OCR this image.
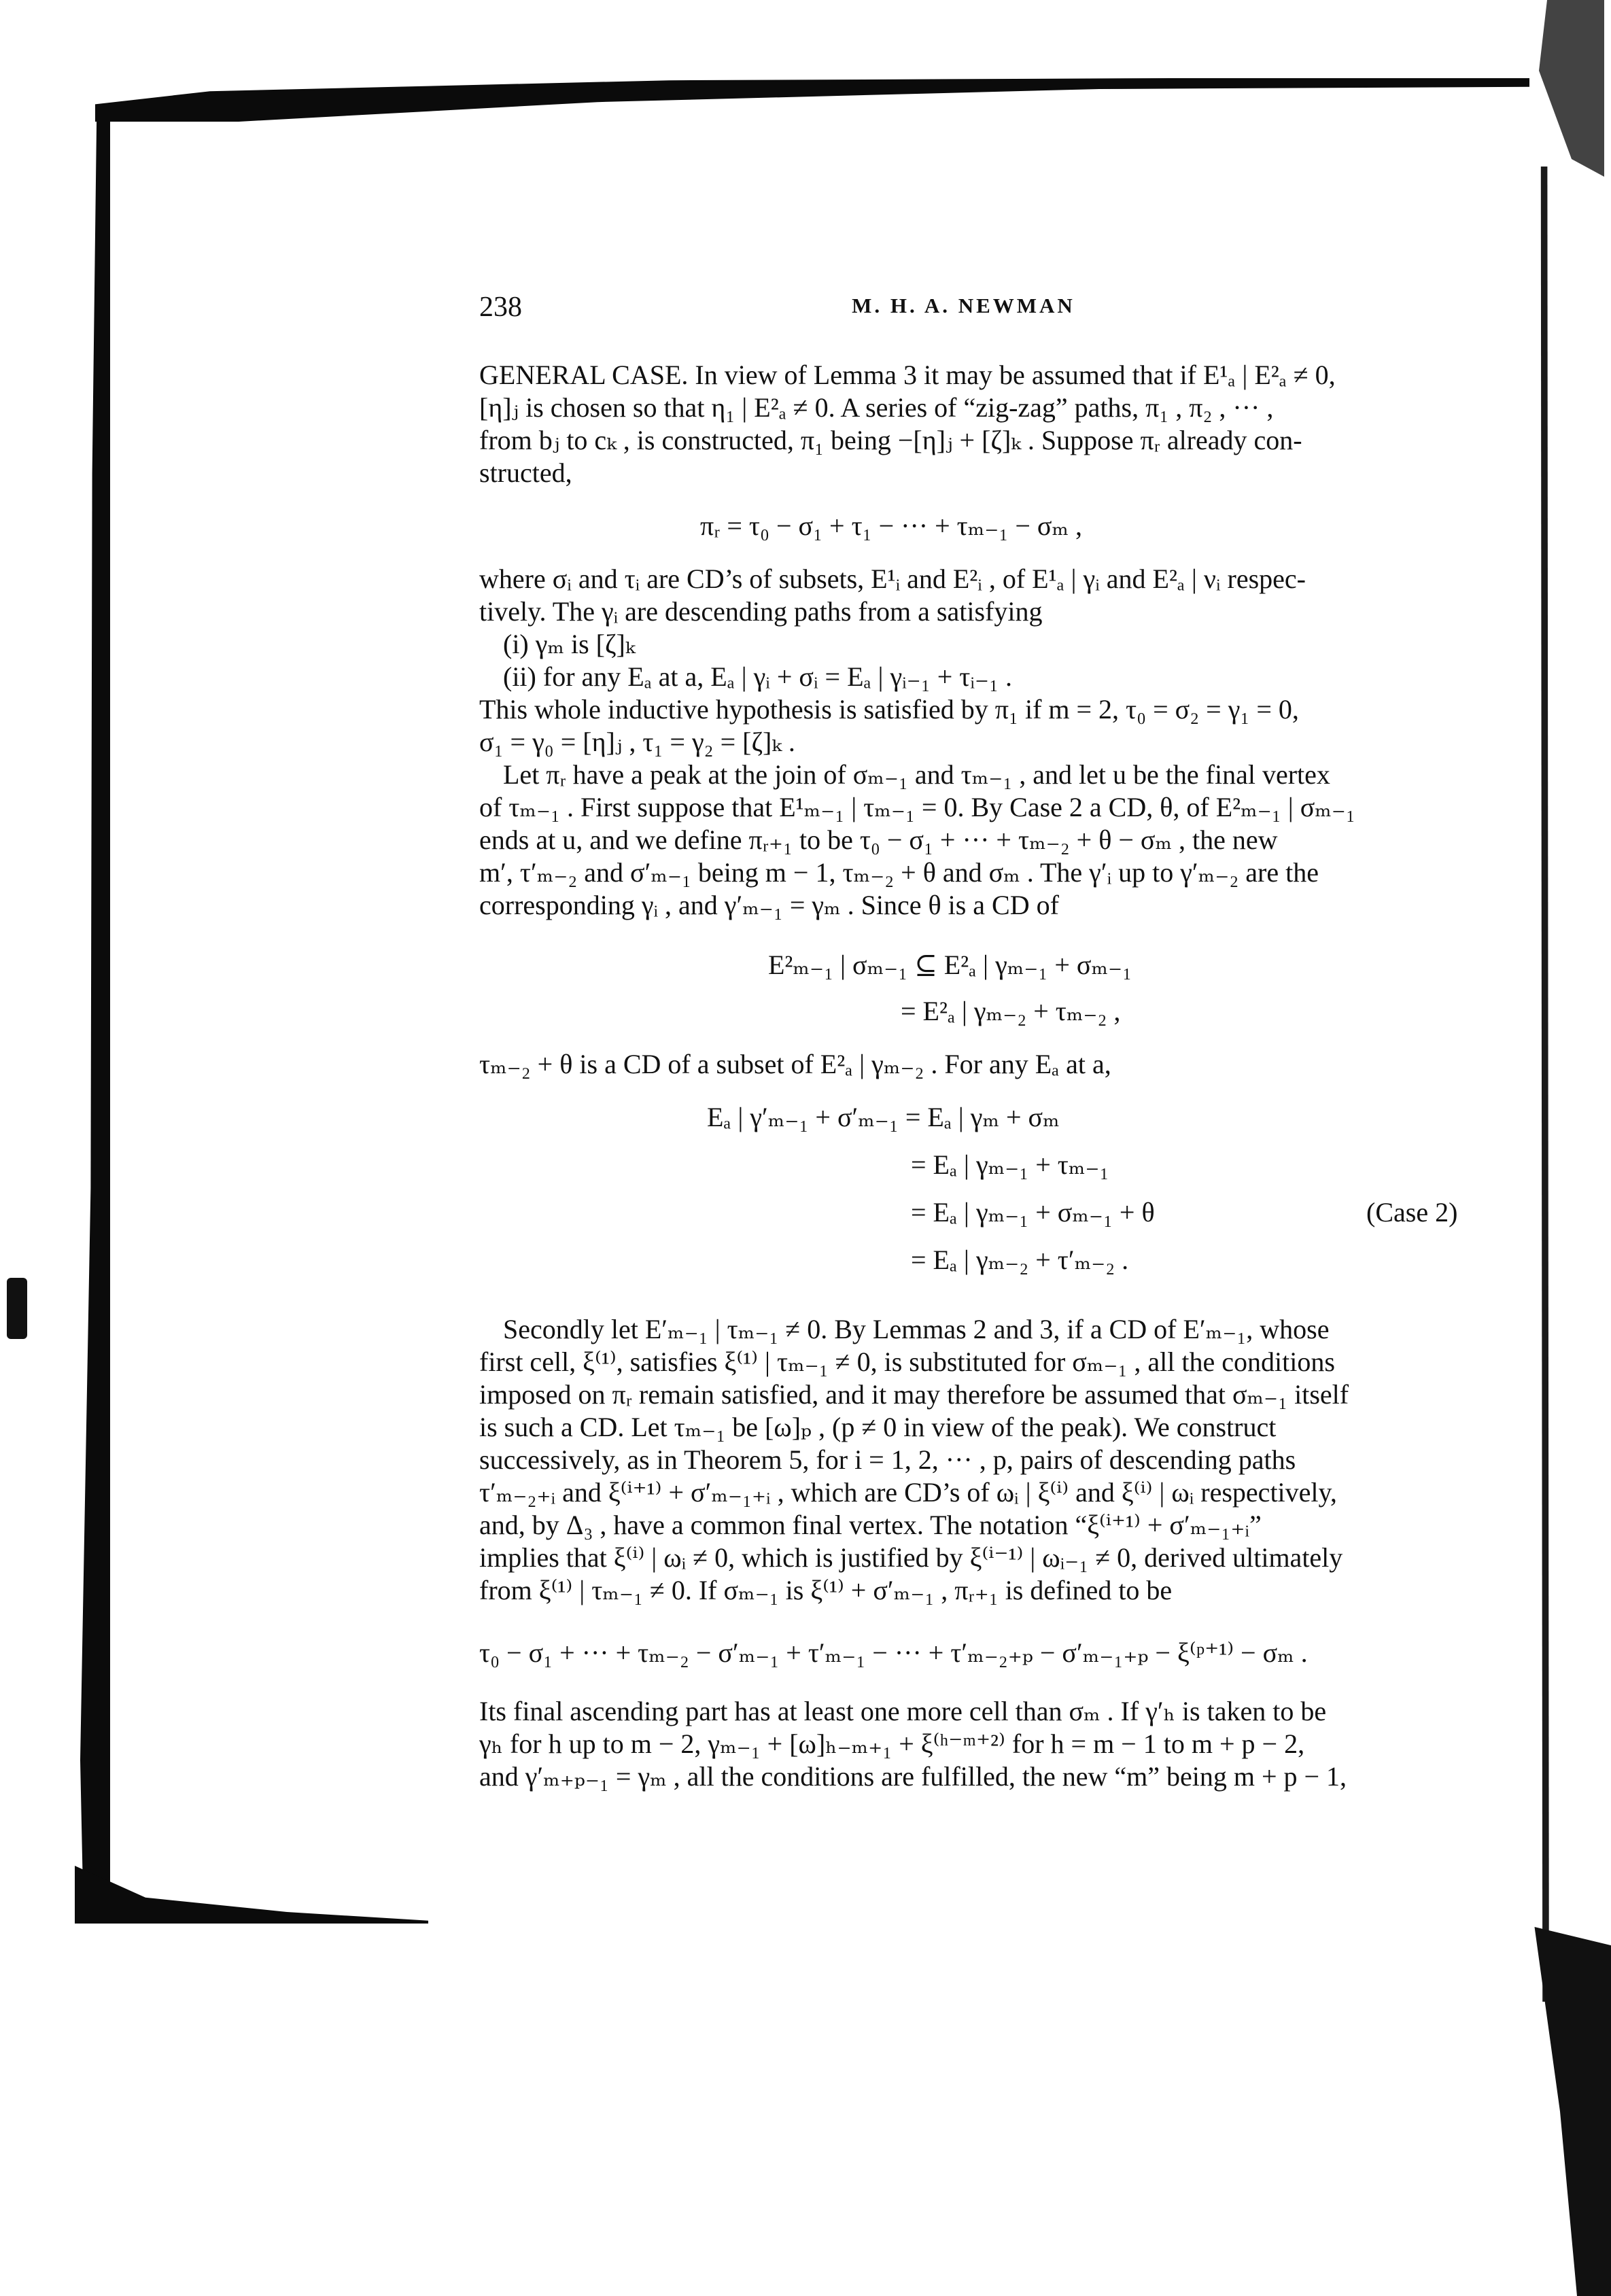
238	M. H. A. NEWMAN
GENERAL CASE. In view of Lemma 3 it may be assumed that if E¹ₐ | E²ₐ ≠ 0,
[η]ⱼ is chosen so that η₁ | E²ₐ ≠ 0. A series of “zig-zag” paths, π₁ , π₂ , ··· ,
from bⱼ to cₖ , is constructed, π₁ being −[η]ⱼ + [ζ]ₖ . Suppose πᵣ already con-
structed,
πᵣ = τ₀ − σ₁ + τ₁ − ··· + τₘ₋₁ − σₘ ,
where σᵢ and τᵢ are CD’s of subsets, E¹ᵢ and E²ᵢ , of E¹ₐ | γᵢ and E²ₐ | νᵢ respec-
tively. The γᵢ are descending paths from a satisfying
(i) γₘ is [ζ]ₖ
(ii) for any Eₐ at a, Eₐ | γᵢ + σᵢ = Eₐ | γᵢ₋₁ + τᵢ₋₁ .
This whole inductive hypothesis is satisfied by π₁ if m = 2, τ₀ = σ₂ = γ₁ = 0,
σ₁ = γ₀ = [η]ⱼ , τ₁ = γ₂ = [ζ]ₖ .
Let πᵣ have a peak at the join of σₘ₋₁ and τₘ₋₁ , and let u be the final vertex
of τₘ₋₁ . First suppose that E¹ₘ₋₁ | τₘ₋₁ = 0. By Case 2 a CD, θ, of E²ₘ₋₁ | σₘ₋₁
ends at u, and we define πᵣ₊₁ to be τ₀ − σ₁ + ··· + τₘ₋₂ + θ − σₘ , the new
m′, τ′ₘ₋₂ and σ′ₘ₋₁ being m − 1, τₘ₋₂ + θ and σₘ . The γ′ᵢ up to γ′ₘ₋₂ are the
corresponding γᵢ , and γ′ₘ₋₁ = γₘ . Since θ is a CD of
E²ₘ₋₁ | σₘ₋₁ ⊆ E²ₐ | γₘ₋₁ + σₘ₋₁
= E²ₐ | γₘ₋₂ + τₘ₋₂ ,
τₘ₋₂ + θ is a CD of a subset of E²ₐ | γₘ₋₂ . For any Eₐ at a,
Eₐ | γ′ₘ₋₁ + σ′ₘ₋₁ = Eₐ | γₘ + σₘ
= Eₐ | γₘ₋₁ + τₘ₋₁
= Eₐ | γₘ₋₁ + σₘ₋₁ + θ	(Case 2)
= Eₐ | γₘ₋₂ + τ′ₘ₋₂ .
Secondly let E′ₘ₋₁ | τₘ₋₁ ≠ 0. By Lemmas 2 and 3, if a CD of E′ₘ₋₁, whose
first cell, ξ⁽¹⁾, satisfies ξ⁽¹⁾ | τₘ₋₁ ≠ 0, is substituted for σₘ₋₁ , all the conditions
imposed on πᵣ remain satisfied, and it may therefore be assumed that σₘ₋₁ itself
is such a CD. Let τₘ₋₁ be [ω]ₚ , (p ≠ 0 in view of the peak). We construct
successively, as in Theorem 5, for i = 1, 2, ··· , p, pairs of descending paths
τ′ₘ₋₂₊ᵢ and ξ⁽ⁱ⁺¹⁾ + σ′ₘ₋₁₊ᵢ , which are CD’s of ωᵢ | ξ⁽ⁱ⁾ and ξ⁽ⁱ⁾ | ωᵢ respectively,
and, by Δ₃ , have a common final vertex. The notation “ξ⁽ⁱ⁺¹⁾ + σ′ₘ₋₁₊ᵢ”
implies that ξ⁽ⁱ⁾ | ωᵢ ≠ 0, which is justified by ξ⁽ⁱ⁻¹⁾ | ωᵢ₋₁ ≠ 0, derived ultimately
from ξ⁽¹⁾ | τₘ₋₁ ≠ 0. If σₘ₋₁ is ξ⁽¹⁾ + σ′ₘ₋₁ , πᵣ₊₁ is defined to be
τ₀ − σ₁ + ··· + τₘ₋₂ − σ′ₘ₋₁ + τ′ₘ₋₁ − ··· + τ′ₘ₋₂₊ₚ − σ′ₘ₋₁₊ₚ − ξ⁽ᵖ⁺¹⁾ − σₘ .
Its final ascending part has at least one more cell than σₘ . If γ′ₕ is taken to be
γₕ for h up to m − 2, γₘ₋₁ + [ω]ₕ₋ₘ₊₁ + ξ⁽ʰ⁻ᵐ⁺²⁾ for h = m − 1 to m + p − 2,
and γ′ₘ₊ₚ₋₁ = γₘ , all the conditions are fulfilled, the new “m” being m + p − 1,
